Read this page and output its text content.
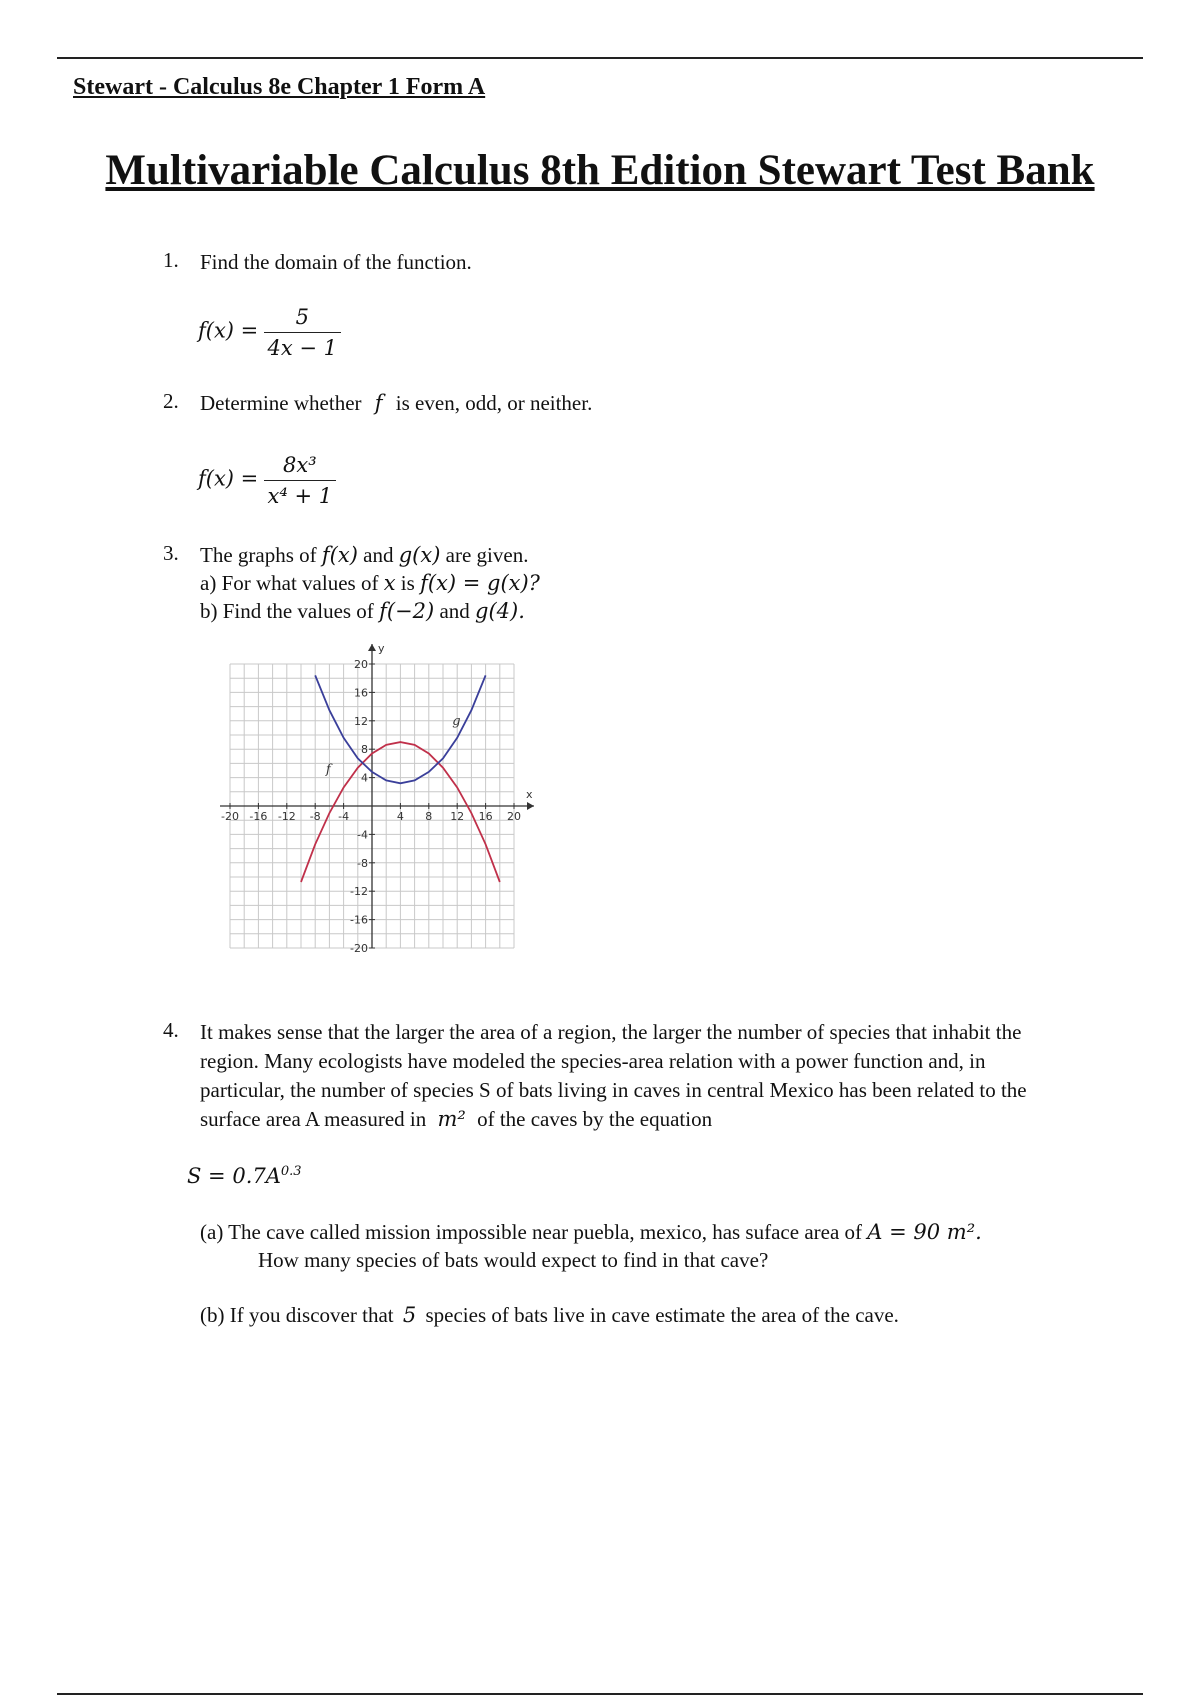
Stewart - Calculus 8e Chapter 1 Form A
Multivariable Calculus 8th Edition Stewart Test Bank
1. Find the domain of the function.
$f(x) = \frac{5}{4x - 1}$
2. Determine whether f is even, odd, or neither.
$f(x) = \frac{\text{8x³}}{\text{x⁴ + 1}}$
3. The graphs of f(x) and g(x) are given.
a) For what values of x is f(x) = g(x)?
b) Find the values of f(−2) and g(4).
x
y
-20 -16 -12 -8 -4	4 8 12 16 20
20
16
12
8
4
-4
-8
-12
-16
-20
f
g
4. It makes sense that the larger the area of a region, the larger the number of species that inhabit the
region. Many ecologists have modeled the species-area relation with a power function and, in
particular, the number of species S of bats living in caves in central Mexico has been related to the
surface area A measured in m² of the caves by the equation
$S = 0.7A^{0.3}$
(a) The cave called mission impossible near puebla, mexico, has suface area of A = 90 m².
How many species of bats would expect to find in that cave?
(b) If you discover that 5 species of bats live in cave estimate the area of the cave.
